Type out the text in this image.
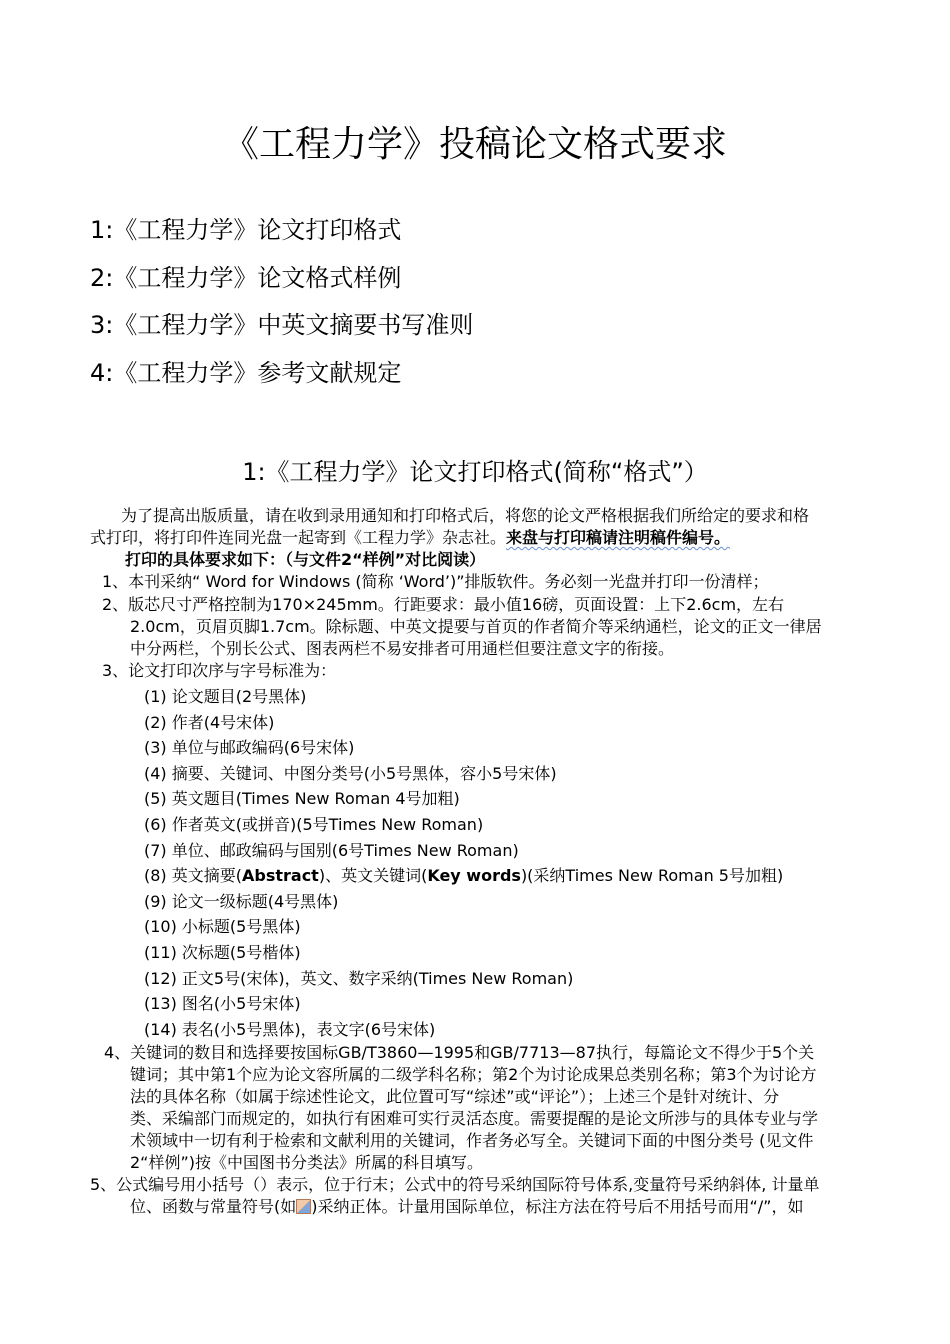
《工程力学》投稿论文格式要求
1:《工程力学》论文打印格式
2:《工程力学》论文格式样例
3:《工程力学》中英文摘要书写准则
4:《工程力学》参考文献规定
1:《工程力学》论文打印格式(简称“格式”）
为了提高出版质量，请在收到录用通知和打印格式后，将您的论文严格根据我们所给定的要求和格
式打印，将打印件连同光盘一起寄到《工程力学》杂志社。来盘与打印稿请注明稿件编号。
打印的具体要求如下：（与文件2“样例”对比阅读）
1、本刊采纳“ Word for Windows (简称 ‘Word’)”排版软件。务必刻一光盘并打印一份清样；
2、版芯尺寸严格控制为170×245mm。行距要求：最小值16磅，页面设置：上下2.6cm，左右
2.0cm，页眉页脚1.7cm。除标题、中英文提要与首页的作者简介等采纳通栏，论文的正文一律居
中分两栏，个别长公式、图表两栏不易安排者可用通栏但要注意文字的衔接。
3、论文打印次序与字号标准为：
(1) 论文题目(2号黑体)
(2) 作者(4号宋体)
(3) 单位与邮政编码(6号宋体)
(4) 摘要、关键词、中图分类号(小5号黑体，容小5号宋体)
(5) 英文题目(Times New Roman 4号加粗)
(6) 作者英文(或拼音)(5号Times New Roman)
(7) 单位、邮政编码与国别(6号Times New Roman)
(8) 英文摘要(Abstract)、英文关键词(Key words)(采纳Times New Roman 5号加粗)
(9) 论文一级标题(4号黑体)
(10) 小标题(5号黑体)
(11) 次标题(5号楷体)
(12) 正文5号(宋体)，英文、数字采纳(Times New Roman)
(13) 图名(小5号宋体)
(14) 表名(小5号黑体)，表文字(6号宋体)
4、关键词的数目和选择要按国标GB/T3860—1995和GB/7713—87执行，每篇论文不得少于5个关
键词；其中第1个应为论文容所属的二级学科名称；第2个为讨论成果总类别名称；第3个为讨论方
法的具体名称（如属于综述性论文，此位置可写“综述”或“评论”）；上述三个是针对统计、分
类、采编部门而规定的，如执行有困难可实行灵活态度。需要提醒的是论文所涉与的具体专业与学
术领域中一切有利于检索和文献利用的关键词，作者务必写全。关键词下面的中图分类号 (见文件
2“样例”)按《中国图书分类法》所属的科目填写。
5、公式编号用小括号（）表示，位于行末；公式中的符号采纳国际符号体系,变量符号采纳斜体, 计量单
位、函数与常量符号(如 )采纳正体。计量用国际单位，标注方法在符号后不用括号而用“/”，如
